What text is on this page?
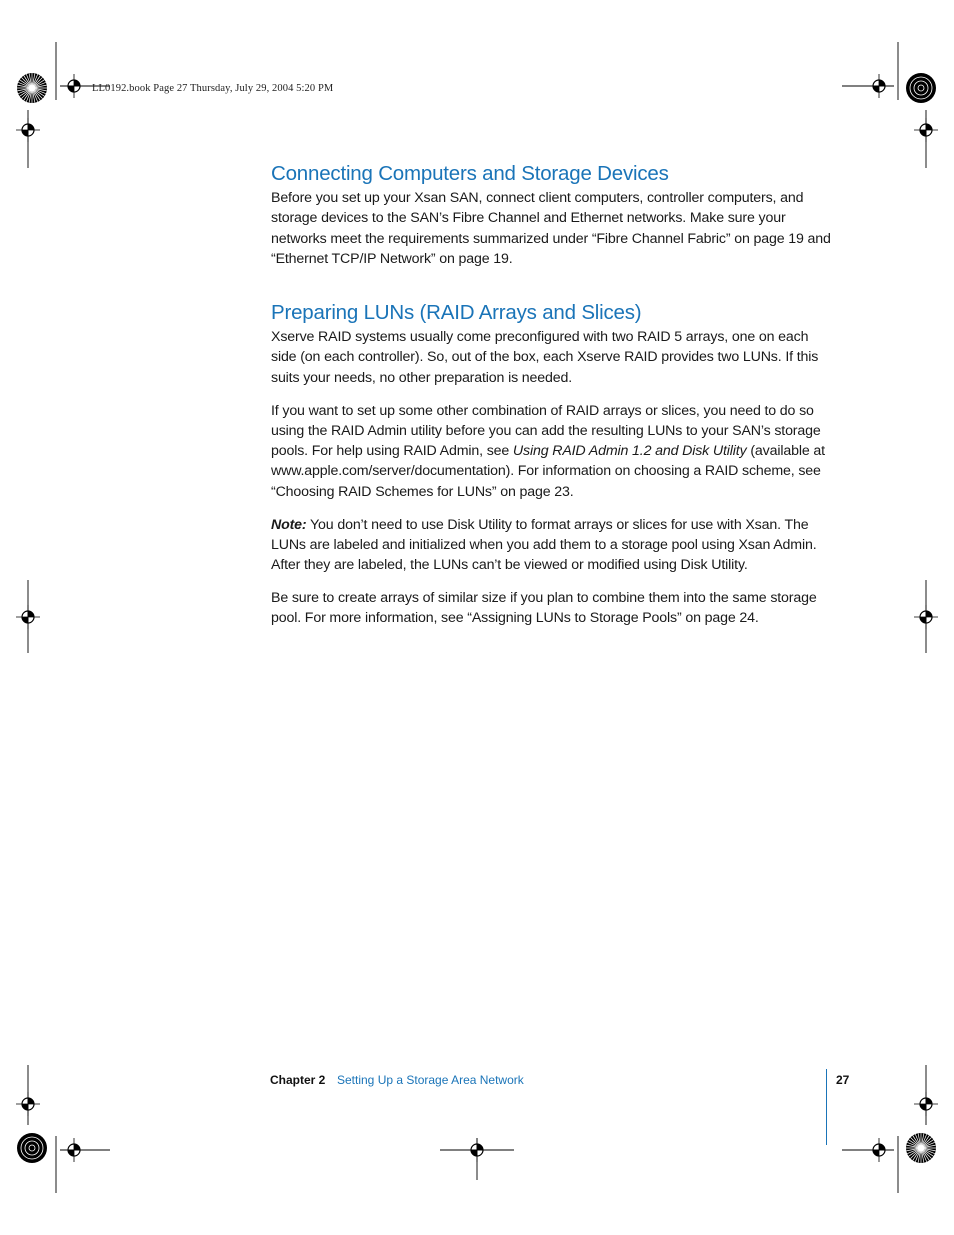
LL0192.book Page 27 Thursday, July 29, 2004 5:20 PM
Connecting Computers and Storage Devices

Before you set up your Xsan SAN, connect client computers, controller computers, and storage devices to the SAN’s Fibre Channel and Ethernet networks. Make sure your networks meet the requirements summarized under “Fibre Channel Fabric” on page 19 and “Ethernet TCP/IP Network” on page 19.

Preparing LUNs (RAID Arrays and Slices)

Xserve RAID systems usually come preconfigured with two RAID 5 arrays, one on each side (on each controller). So, out of the box, each Xserve RAID provides two LUNs. If this suits your needs, no other preparation is needed.

If you want to set up some other combination of RAID arrays or slices, you need to do so using the RAID Admin utility before you can add the resulting LUNs to your SAN’s storage pools. For help using RAID Admin, see Using RAID Admin 1.2 and Disk Utility (available at www.apple.com/server/documentation). For information on choosing a RAID scheme, see “Choosing RAID Schemes for LUNs” on page 23.

Note: You don’t need to use Disk Utility to format arrays or slices for use with Xsan. The LUNs are labeled and initialized when you add them to a storage pool using Xsan Admin. After they are labeled, the LUNs can’t be viewed or modified using Disk Utility.

Be sure to create arrays of similar size if you plan to combine them into the same storage pool. For more information, see “Assigning LUNs to Storage Pools” on page 24.

Chapter 2 Setting Up a Storage Area Network	27
